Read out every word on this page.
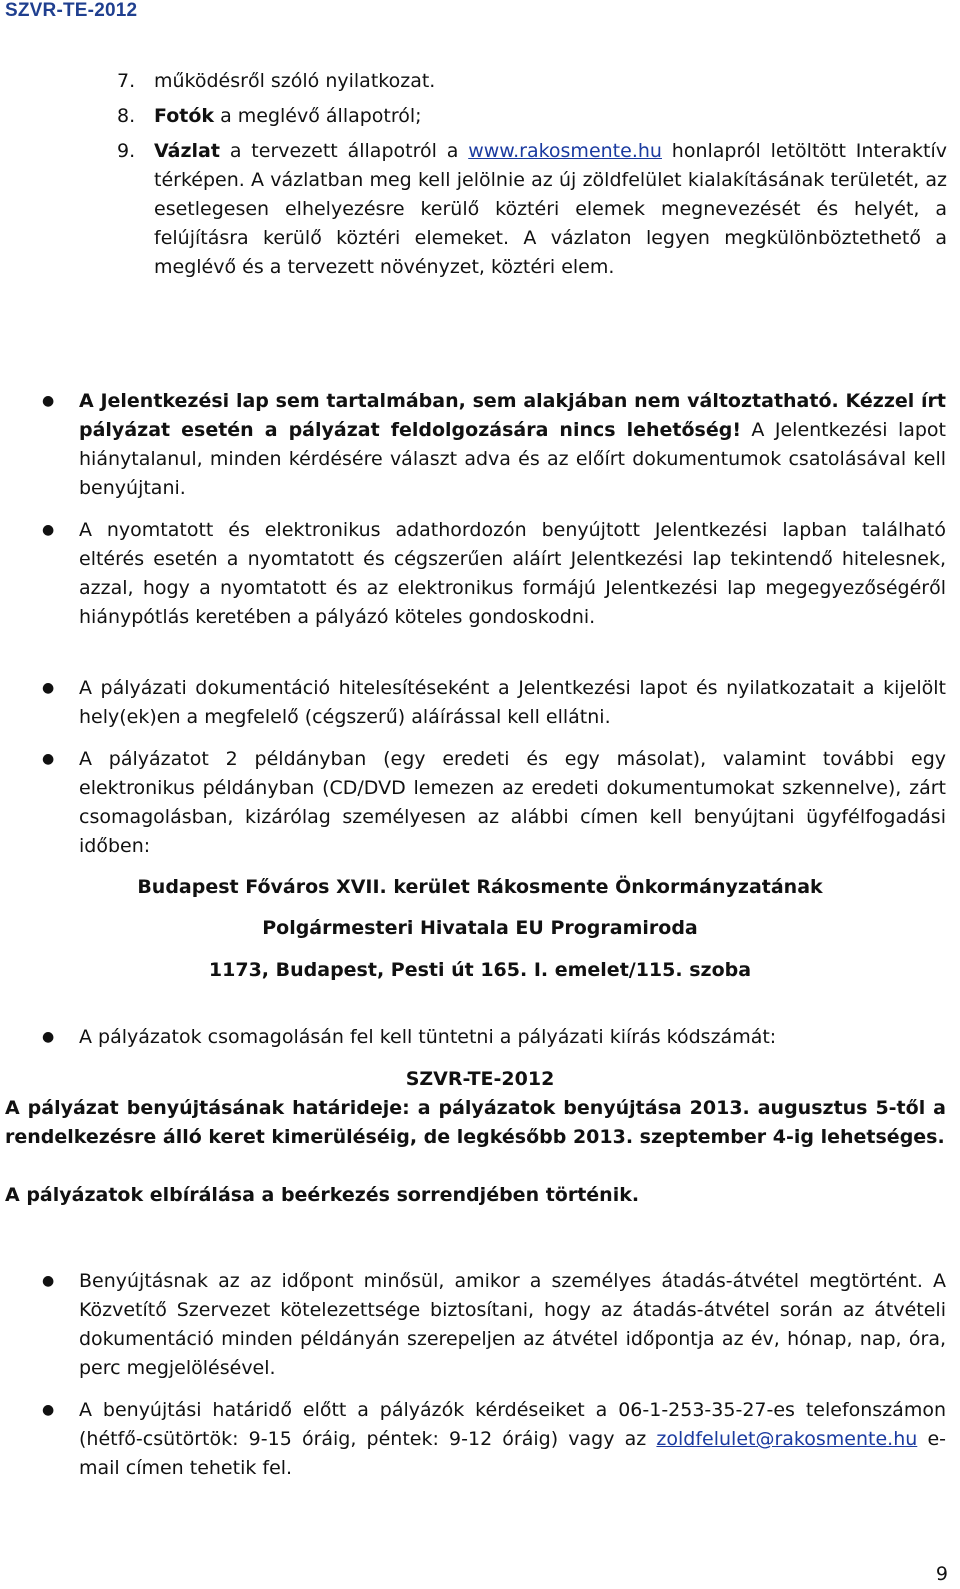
SZVR-TE-2012
7. működésről szóló nyilatkozat.
8. Fotók a meglévő állapotról;
9. Vázlat a tervezett állapotról a www.rakosmente.hu honlapról letöltött Interaktív térképen. A vázlatban meg kell jelölnie az új zöldfelület kialakításának területét, az esetlegesen elhelyezésre kerülő köztéri elemek megnevezését és helyét, a felújításra kerülő köztéri elemeket. A vázlaton legyen megkülönböztethető a meglévő és a tervezett növényzet, köztéri elem.
● A Jelentkezési lap sem tartalmában, sem alakjában nem változtatható. Kézzel írt pályázat esetén a pályázat feldolgozására nincs lehetőség! A Jelentkezési lapot hiánytalanul, minden kérdésére választ adva és az előírt dokumentumok csatolásával kell benyújtani.
● A nyomtatott és elektronikus adathordozón benyújtott Jelentkezési lapban található eltérés esetén a nyomtatott és cégszerűen aláírt Jelentkezési lap tekintendő hitelesnek, azzal, hogy a nyomtatott és az elektronikus formájú Jelentkezési lap megegyezőségéről hiánypótlás keretében a pályázó köteles gondoskodni.
● A pályázati dokumentáció hitelesítéseként a Jelentkezési lapot és nyilatkozatait a kijelölt hely(ek)en a megfelelő (cégszerű) aláírással kell ellátni.
● A pályázatot 2 példányban (egy eredeti és egy másolat), valamint további egy elektronikus példányban (CD/DVD lemezen az eredeti dokumentumokat szkennelve), zárt csomagolásban, kizárólag személyesen az alábbi címen kell benyújtani ügyfélfogadási időben:
Budapest Főváros XVII. kerület Rákosmente Önkormányzatának
Polgármesteri Hivatala EU Programiroda
1173, Budapest, Pesti út 165. I. emelet/115. szoba
● A pályázatok csomagolásán fel kell tüntetni a pályázati kiírás kódszámát:
SZVR-TE-2012
A pályázat benyújtásának határideje: a pályázatok benyújtása 2013. augusztus 5-től a rendelkezésre álló keret kimerüléséig, de legkésőbb 2013. szeptember 4-ig lehetséges.
A pályázatok elbírálása a beérkezés sorrendjében történik.
● Benyújtásnak az az időpont minősül, amikor a személyes átadás-átvétel megtörtént. A Közvetítő Szervezet kötelezettsége biztosítani, hogy az átadás-átvétel során az átvételi dokumentáció minden példányán szerepeljen az átvétel időpontja az év, hónap, nap, óra, perc megjelölésével.
● A benyújtási határidő előtt a pályázók kérdéseiket a 06-1-253-35-27-es telefonszámon (hétfő-csütörtök: 9-15 óráig, péntek: 9-12 óráig) vagy az zoldfelulet@rakosmente.hu e-mail címen tehetik fel.
9
